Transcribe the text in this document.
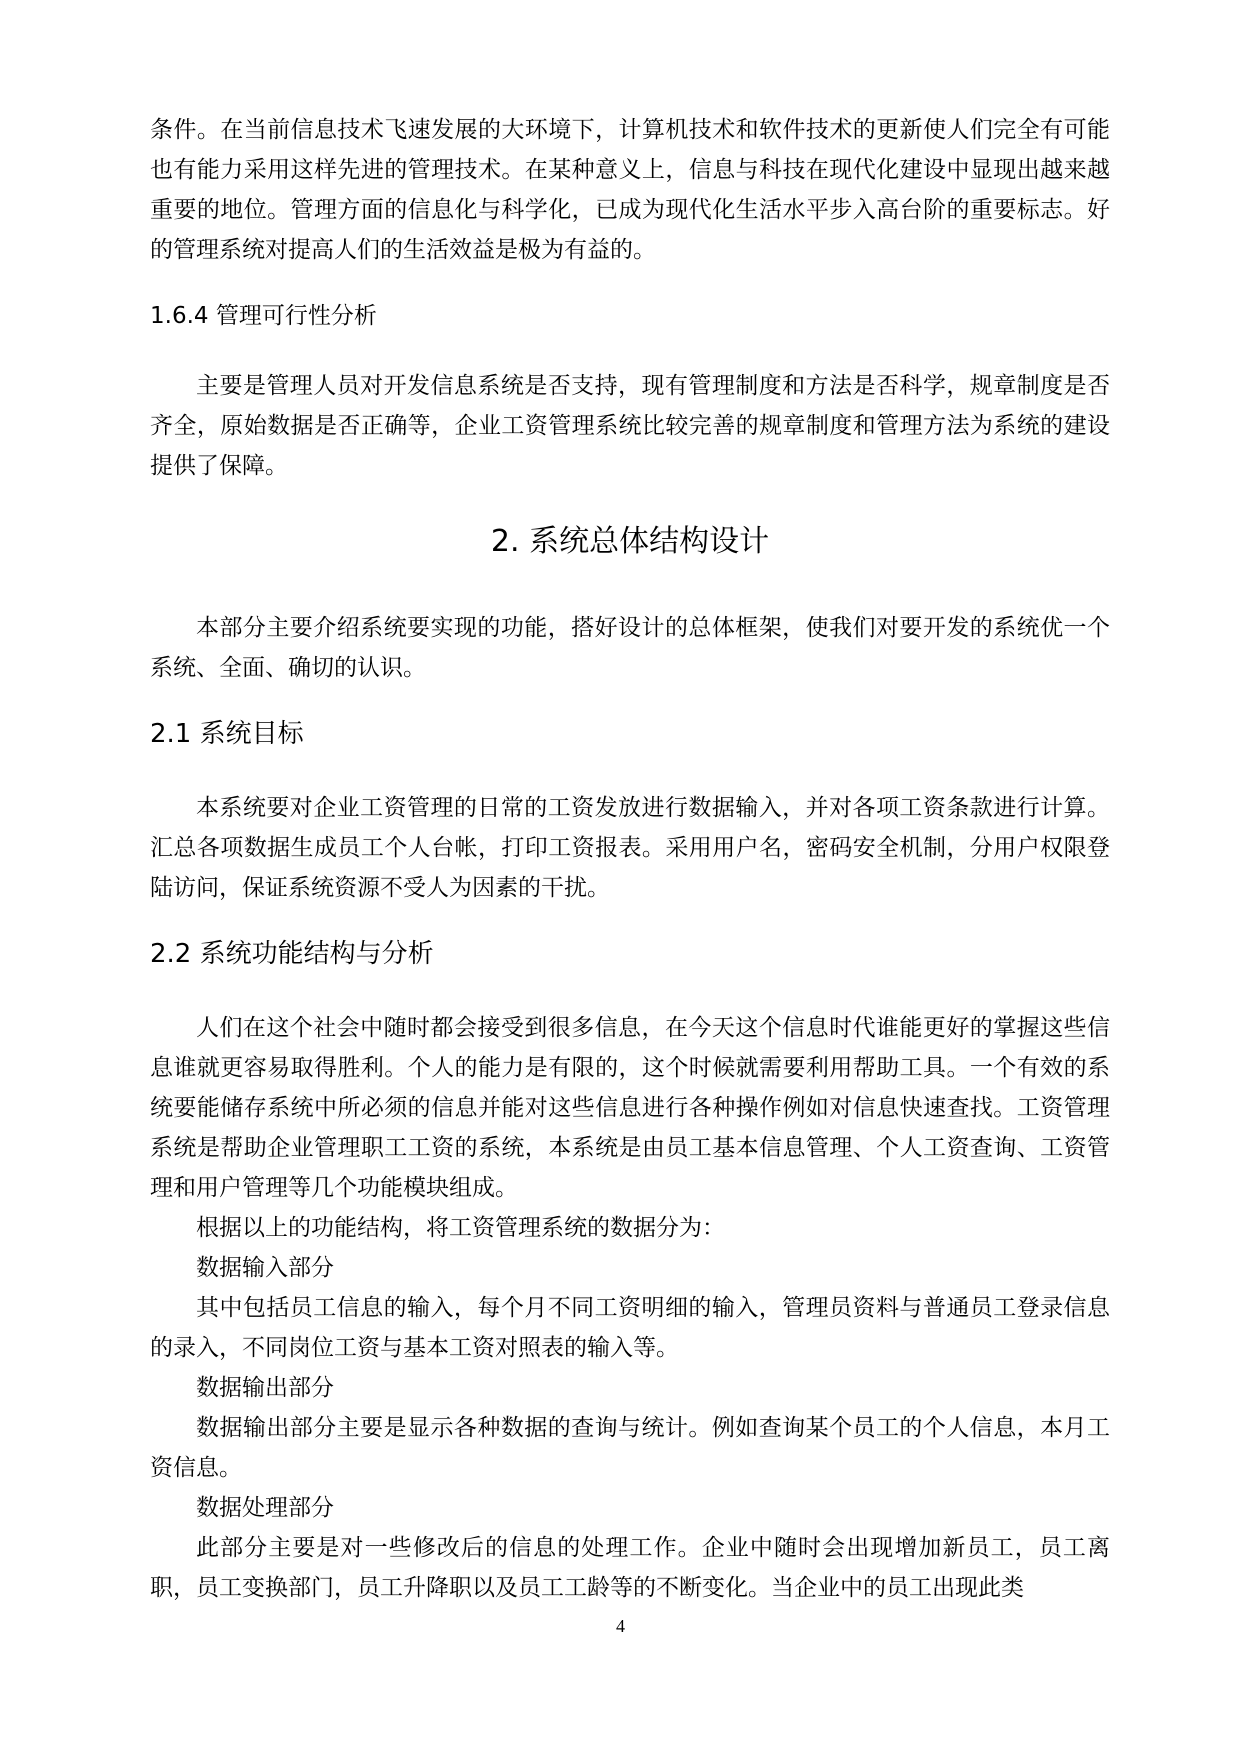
条件。在当前信息技术飞速发展的大环境下，计算机技术和软件技术的更新使人们完全有可能也有能力采用这样先进的管理技术。在某种意义上，信息与科技在现代化建设中显现出越来越重要的地位。管理方面的信息化与科学化，已成为现代化生活水平步入高台阶的重要标志。好的管理系统对提高人们的生活效益是极为有益的。

1.6.4 管理可行性分析

主要是管理人员对开发信息系统是否支持，现有管理制度和方法是否科学，规章制度是否齐全，原始数据是否正确等，企业工资管理系统比较完善的规章制度和管理方法为系统的建设提供了保障。

2. 系统总体结构设计

本部分主要介绍系统要实现的功能，搭好设计的总体框架，使我们对要开发的系统优一个系统、全面、确切的认识。

2.1 系统目标

本系统要对企业工资管理的日常的工资发放进行数据输入，并对各项工资条款进行计算。汇总各项数据生成员工个人台帐，打印工资报表。采用用户名，密码安全机制，分用户权限登陆访问，保证系统资源不受人为因素的干扰。

2.2 系统功能结构与分析

人们在这个社会中随时都会接受到很多信息，在今天这个信息时代谁能更好的掌握这些信息谁就更容易取得胜利。个人的能力是有限的，这个时候就需要利用帮助工具。一个有效的系统要能储存系统中所必须的信息并能对这些信息进行各种操作例如对信息快速查找。工资管理系统是帮助企业管理职工工资的系统，本系统是由员工基本信息管理、个人工资查询、工资管理和用户管理等几个功能模块组成。

根据以上的功能结构，将工资管理系统的数据分为：

数据输入部分

其中包括员工信息的输入，每个月不同工资明细的输入，管理员资料与普通员工登录信息的录入，不同岗位工资与基本工资对照表的输入等。

数据输出部分

数据输出部分主要是显示各种数据的查询与统计。例如查询某个员工的个人信息，本月工资信息。

数据处理部分

此部分主要是对一些修改后的信息的处理工作。企业中随时会出现增加新员工，员工离职，员工变换部门，员工升降职以及员工工龄等的不断变化。当企业中的员工出现此类

4
